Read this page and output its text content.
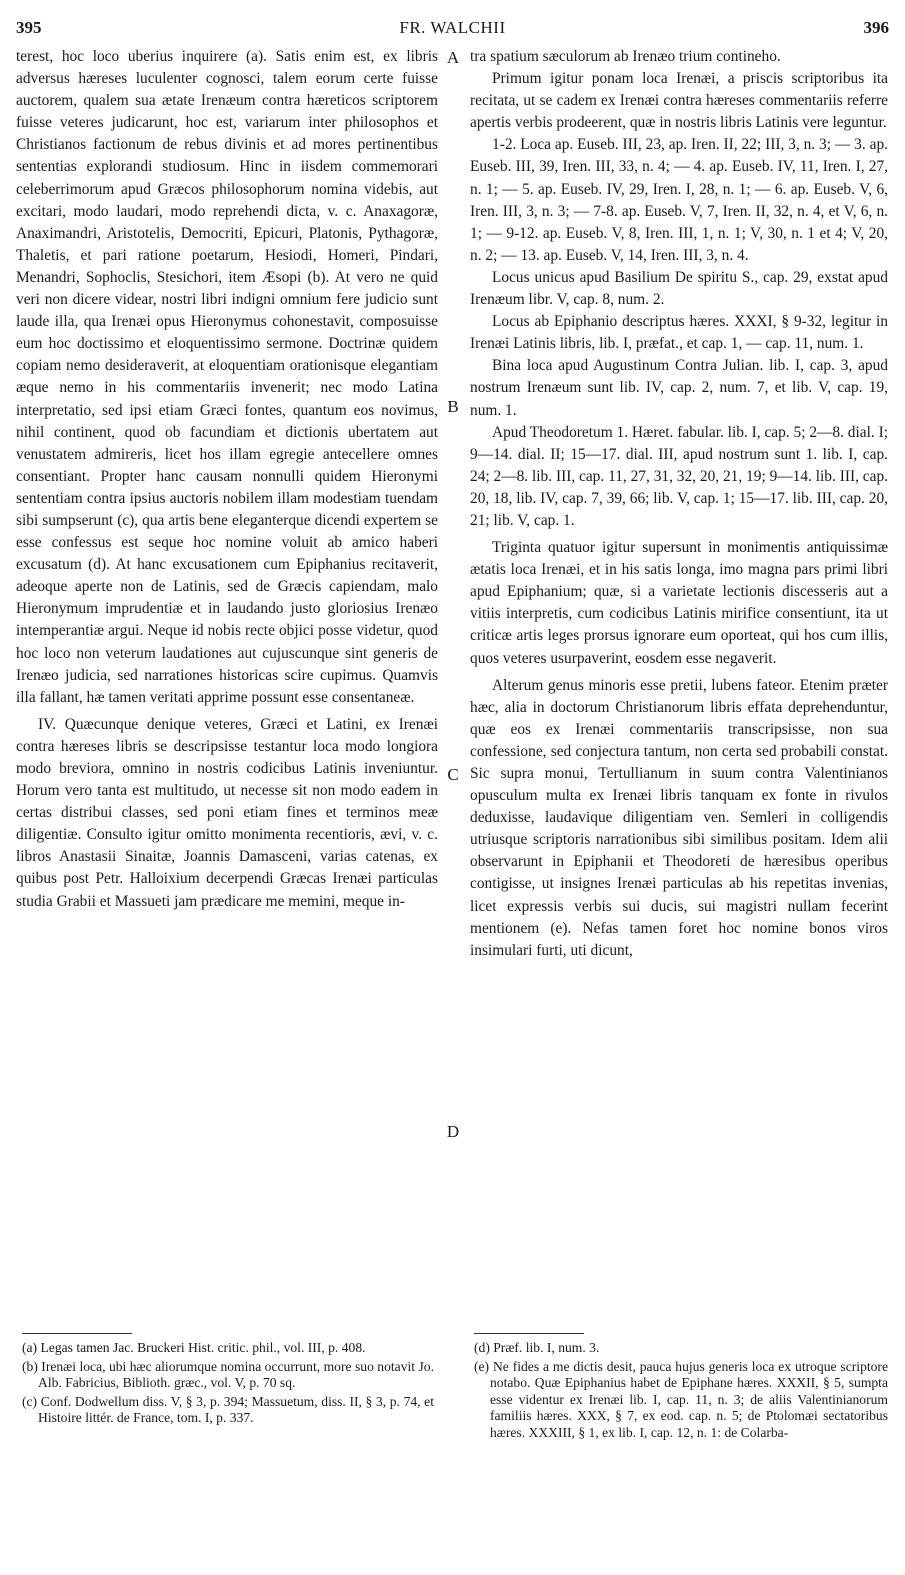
395	FR. WALCHII	396

terest, hoc loco uberius inquirere (a). Satis enim est, ex libris adversus hæreses luculenter cognosci, talem eorum certe fuisse auctorem, qualem sua ætate Irenæum contra hæreticos scriptorem fuisse veteres judicarunt, hoc est, variarum inter philosophos et Christianos factionum de rebus divinis et ad mores pertinentibus sententias explorandi studiosum. Hinc in iisdem commemorari celeberrimorum apud Græcos philosophorum nomina videbis, aut excitari, modo laudari, modo reprehendi dicta, v. c. Anaxagoræ, Anaximandri, Aristotelis, Democriti, Epicuri, Platonis, Pythagoræ, Thaletis, et pari ratione poetarum, Hesiodi, Homeri, Pindari, Menandri, Sophoclis, Stesichori, item Æsopi (b). At vero ne quid veri non dicere videar, nostri libri indigni omnium fere judicio sunt laude illa, qua Irenæi opus Hieronymus cohonestavit, composuisse eum hoc doctissimo et eloquentissimo sermone. Doctrinæ quidem copiam nemo desideraverit, at eloquentiam orationisque elegantiam æque nemo in his commentariis invenerit; nec modo Latina interpretatio, sed ipsi etiam Græci fontes, quantum eos novimus, nihil continent, quod ob facundiam et dictionis ubertatem aut venustatem admireris, licet hos illam egregie antecellere omnes consentiant. Propter hanc causam nonnulli quidem Hieronymi sententiam contra ipsius auctoris nobilem illam modestiam tuendam sibi sumpserunt (c), qua artis bene eleganterque dicendi expertem se esse confessus est seque hoc nomine voluit ab amico haberi excusatum (d). At hanc excusationem cum Epiphanius recitaverit, adeoque aperte non de Latinis, sed de Græcis capiendam, malo Hieronymum imprudentiæ et in laudando justo gloriosius Irenæo intemperantiæ argui. Neque id nobis recte objici posse videtur, quod hoc loco non veterum laudationes aut cujuscunque sint generis de Irenæo judicia, sed narrationes historicas scire cupimus. Quamvis illa fallant, hæ tamen veritati apprime possunt esse consentaneæ.

IV. Quæcunque denique veteres, Græci et Latini, ex Irenæi contra hæreses libris se descripsisse testantur loca modo longiora modo breviora, omnino in nostris codicibus Latinis inveniuntur. Horum vero tanta est multitudo, ut necesse sit non modo eadem in certas distribui classes, sed poni etiam fines et terminos meæ diligentiæ. Consulto igitur omitto monimenta recentioris, ævi, v. c. libros Anastasii Sinaitæ, Joannis Damasceni, varias catenas, ex quibus post Petr. Halloixium decerpendi Græcas Irenæi particulas studia Grabii et Massueti jam prædicare me memini, meque in-

A
B
C
D

tra spatium sæculorum ab Irenæo trium contineho.

Primum igitur ponam loca Irenæi, a priscis scriptoribus ita recitata, ut se cadem ex Irenæi contra hæreses commentariis referre apertis verbis prodeerent, quæ in nostris libris Latinis vere leguntur.

1-2. Loca ap. Euseb. III, 23, ap. Iren. II, 22; III, 3, n. 3; — 3. ap. Euseb. III, 39, Iren. III, 33, n. 4; — 4. ap. Euseb. IV, 11, Iren. I, 27, n. 1; — 5. ap. Euseb. IV, 29, Iren. I, 28, n. 1; — 6. ap. Euseb. V, 6, Iren. III, 3, n. 3; — 7-8. ap. Euseb. V, 7, Iren. II, 32, n. 4, et V, 6, n. 1; — 9-12. ap. Euseb. V, 8, Iren. III, 1, n. 1; V, 30, n. 1 et 4; V, 20, n. 2; — 13. ap. Euseb. V, 14, Iren. III, 3, n. 4.

Locus unicus apud Basilium De spiritu S., cap. 29, exstat apud Irenæum libr. V, cap. 8, num. 2.

Locus ab Epiphanio descriptus hæres. XXXI, § 9-32, legitur in Irenæi Latinis libris, lib. I, præfat., et cap. 1, — cap. 11, num. 1.

Bina loca apud Augustinum Contra Julian. lib. I, cap. 3, apud nostrum Irenæum sunt lib. IV, cap. 2, num. 7, et lib. V, cap. 19, num. 1.

Apud Theodoretum 1. Hæret. fabular. lib. I, cap. 5; 2—8. dial. I; 9—14. dial. II; 15—17. dial. III, apud nostrum sunt 1. lib. I, cap. 24; 2—8. lib. III, cap. 11, 27, 31, 32, 20, 21, 19; 9—14. lib. III, cap. 20, 18, lib. IV, cap. 7, 39, 66; lib. V, cap. 1; 15—17. lib. III, cap. 20, 21; lib. V, cap. 1.

Triginta quatuor igitur supersunt in monimentis antiquissimæ ætatis loca Irenæi, et in his satis longa, imo magna pars primi libri apud Epiphanium; quæ, si a varietate lectionis discesseris aut a vitiis interpretis, cum codicibus Latinis mirifice consentiunt, ita ut criticæ artis leges prorsus ignorare eum oporteat, qui hos cum illis, quos veteres usurpaverint, eosdem esse negaverit.

Alterum genus minoris esse pretii, lubens fateor. Etenim præter hæc, alia in doctorum Christianorum libris effata deprehenduntur, quæ eos ex Irenæi commentariis transcripsisse, non sua confessione, sed conjectura tantum, non certa sed probabili constat. Sic supra monui, Tertullianum in suum contra Valentinianos opusculum multa ex Irenæi libris tanquam ex fonte in rivulos deduxisse, laudavique diligentiam ven. Semleri in colligendis utriusque scriptoris narrationibus sibi similibus positam. Idem alii observarunt in Epiphanii et Theodoreti de hæresibus operibus contigisse, ut insignes Irenæi particulas ab his repetitas invenias, licet expressis verbis sui ducis, sui magistri nullam fecerint mentionem (e). Nefas tamen foret hoc nomine bonos viros insimulari furti, uti dicunt,

(a) Legas tamen Jac. Bruckeri Hist. critic. phil., vol. III, p. 408.

(b) Irenæi loca, ubi hæc aliorumque nomina occurrunt, more suo notavit Jo. Alb. Fabricius, Biblioth. græc., vol. V, p. 70 sq.

(c) Conf. Dodwellum diss. V, § 3, p. 394; Massuetum, diss. II, § 3, p. 74, et Histoire littér. de France, tom. I, p. 337.

(d) Præf. lib. I, num. 3.

(e) Ne fides a me dictis desit, pauca hujus generis loca ex utroque scriptore notabo. Quæ Epiphanius habet de Epiphane hæres. XXXII, § 5, sumpta esse videntur ex Irenæi lib. I, cap. 11, n. 3; de aliis Valentinianorum familiis hæres. XXX, § 7, ex eod. cap. n. 5; de Ptolomæi sectatoribus hæres. XXXIII, § 1, ex lib. I, cap. 12, n. 1: de Colarba-
